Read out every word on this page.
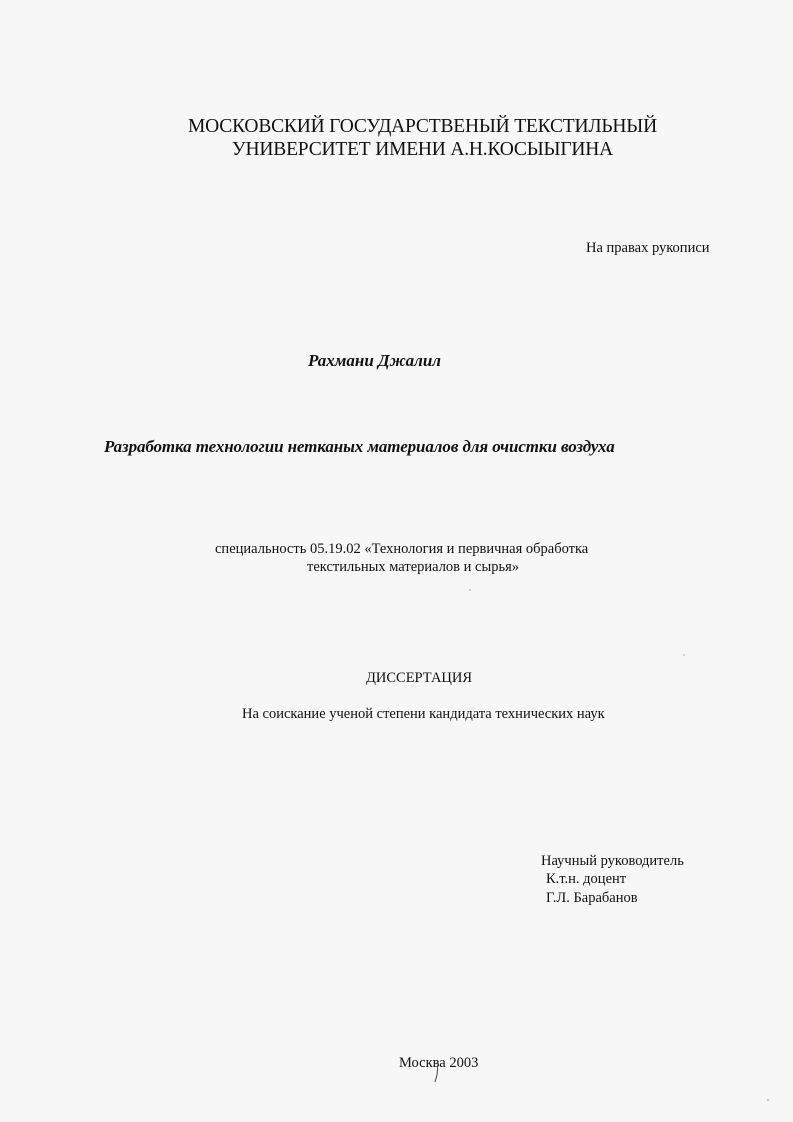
МОСКОВСКИЙ ГОСУДАРСТВЕНЫЙ ТЕКСТИЛЬНЫЙ
УНИВЕРСИТЕТ ИМЕНИ А.Н.КОСЫЫГИНА
На правах рукописи
Рахмани Джалил
Разработка технологии нетканых материалов для очистки воздуха
специальность 05.19.02 «Технология и первичная обработка
текстильных материалов и сырья»
ДИССЕРТАЦИЯ
На соискание ученой степени кандидата технических наук
Научный руководитель
К.т.н. доцент
Г.Л. Барабанов
Москва 2003
